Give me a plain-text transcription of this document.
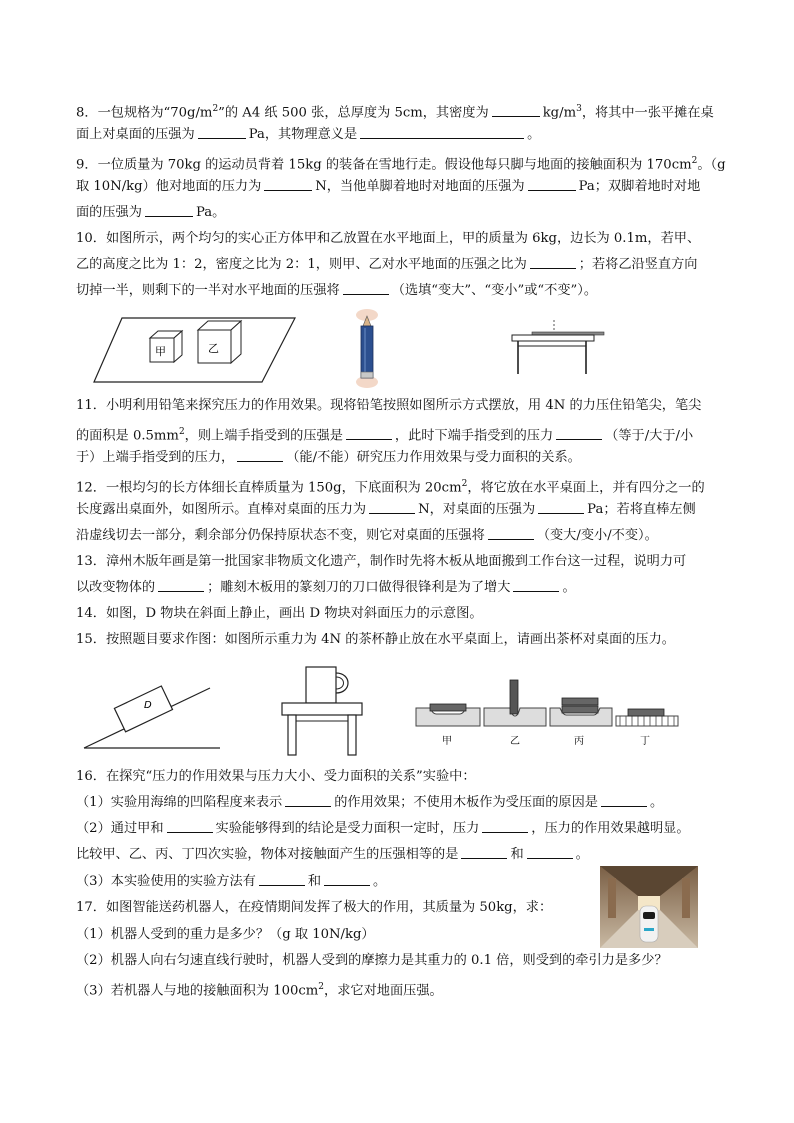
8．一包规格为“$70g/m^2$”的 A4 纸 500 张，总厚度为 5cm，其密度为	$kg/m^3$，将其中一张平摊在桌
面上对桌面的压强为	Pa，其物理意义是	。
9．一位质量为 70kg 的运动员背着 15kg 的装备在雪地行走。假设他每只脚与地面的接触面积为 $170cm^2$。（g
取 10N/kg）他对地面的压力为	N，当他单脚着地时对地面的压强为	Pa；双脚着地时对地
面的压强为	Pa。
10．如图所示，两个均匀的实心正方体甲和乙放置在水平地面上，甲的质量为 6kg，边长为 0.1m，若甲、
乙的高度之比为 1：2，密度之比为 2：1，则甲、乙对水平地面的压强之比为	；若将乙沿竖直方向
切掉一半，则剩下的一半对水平地面的压强将	（选填“变大”、“变小”或“不变”）。
甲	乙
11．小明利用铅笔来探究压力的作用效果。现将铅笔按照如图所示方式摆放，用 4N 的力压住铅笔尖，笔尖
的面积是 $0.5mm^2$，则上端手指受到的压强是	，此时下端手指受到的压力	（等于/大于/小
于）上端手指受到的压力，	（能/不能）研究压力作用效果与受力面积的关系。
12．一根均匀的长方体细长直棒质量为 150g，下底面积为 $20cm^2$，将它放在水平桌面上，并有四分之一的
长度露出桌面外，如图所示。直棒对桌面的压力为	N，对桌面的压强为	Pa；若将直棒左侧
沿虚线切去一部分，剩余部分仍保持原状态不变，则它对桌面的压强将	（变大/变小/不变）。
13．漳州木版年画是第一批国家非物质文化遗产，制作时先将木板从地面搬到工作台这一过程，说明力可
以改变物体的	；雕刻木板用的篆刻刀的刀口做得很锋利是为了增大	。
14．如图，D 物块在斜面上静止，画出 D 物块对斜面压力的示意图。
15．按照题目要求作图：如图所示重力为 4N 的茶杯静止放在水平桌面上，请画出茶杯对桌面的压力。
D
甲	乙	丙	丁
16．在探究“压力的作用效果与压力大小、受力面积的关系”实验中：
（1）实验用海绵的凹陷程度来表示	的作用效果；不使用木板作为受压面的原因是	。
（2）通过甲和	实验能够得到的结论是受力面积一定时，压力	，压力的作用效果越明显。
比较甲、乙、丙、丁四次实验，物体对接触面产生的压强相等的是	和	。
（3）本实验使用的实验方法有	和	。
17．如图智能送药机器人，在疫情期间发挥了极大的作用，其质量为 50kg，求：
（1）机器人受到的重力是多少？（g 取 10N/kg）
（2）机器人向右匀速直线行驶时，机器人受到的摩擦力是其重力的 0.1 倍，则受到的牵引力是多少？
（3）若机器人与地的接触面积为 $100cm^2$，求它对地面压强。
